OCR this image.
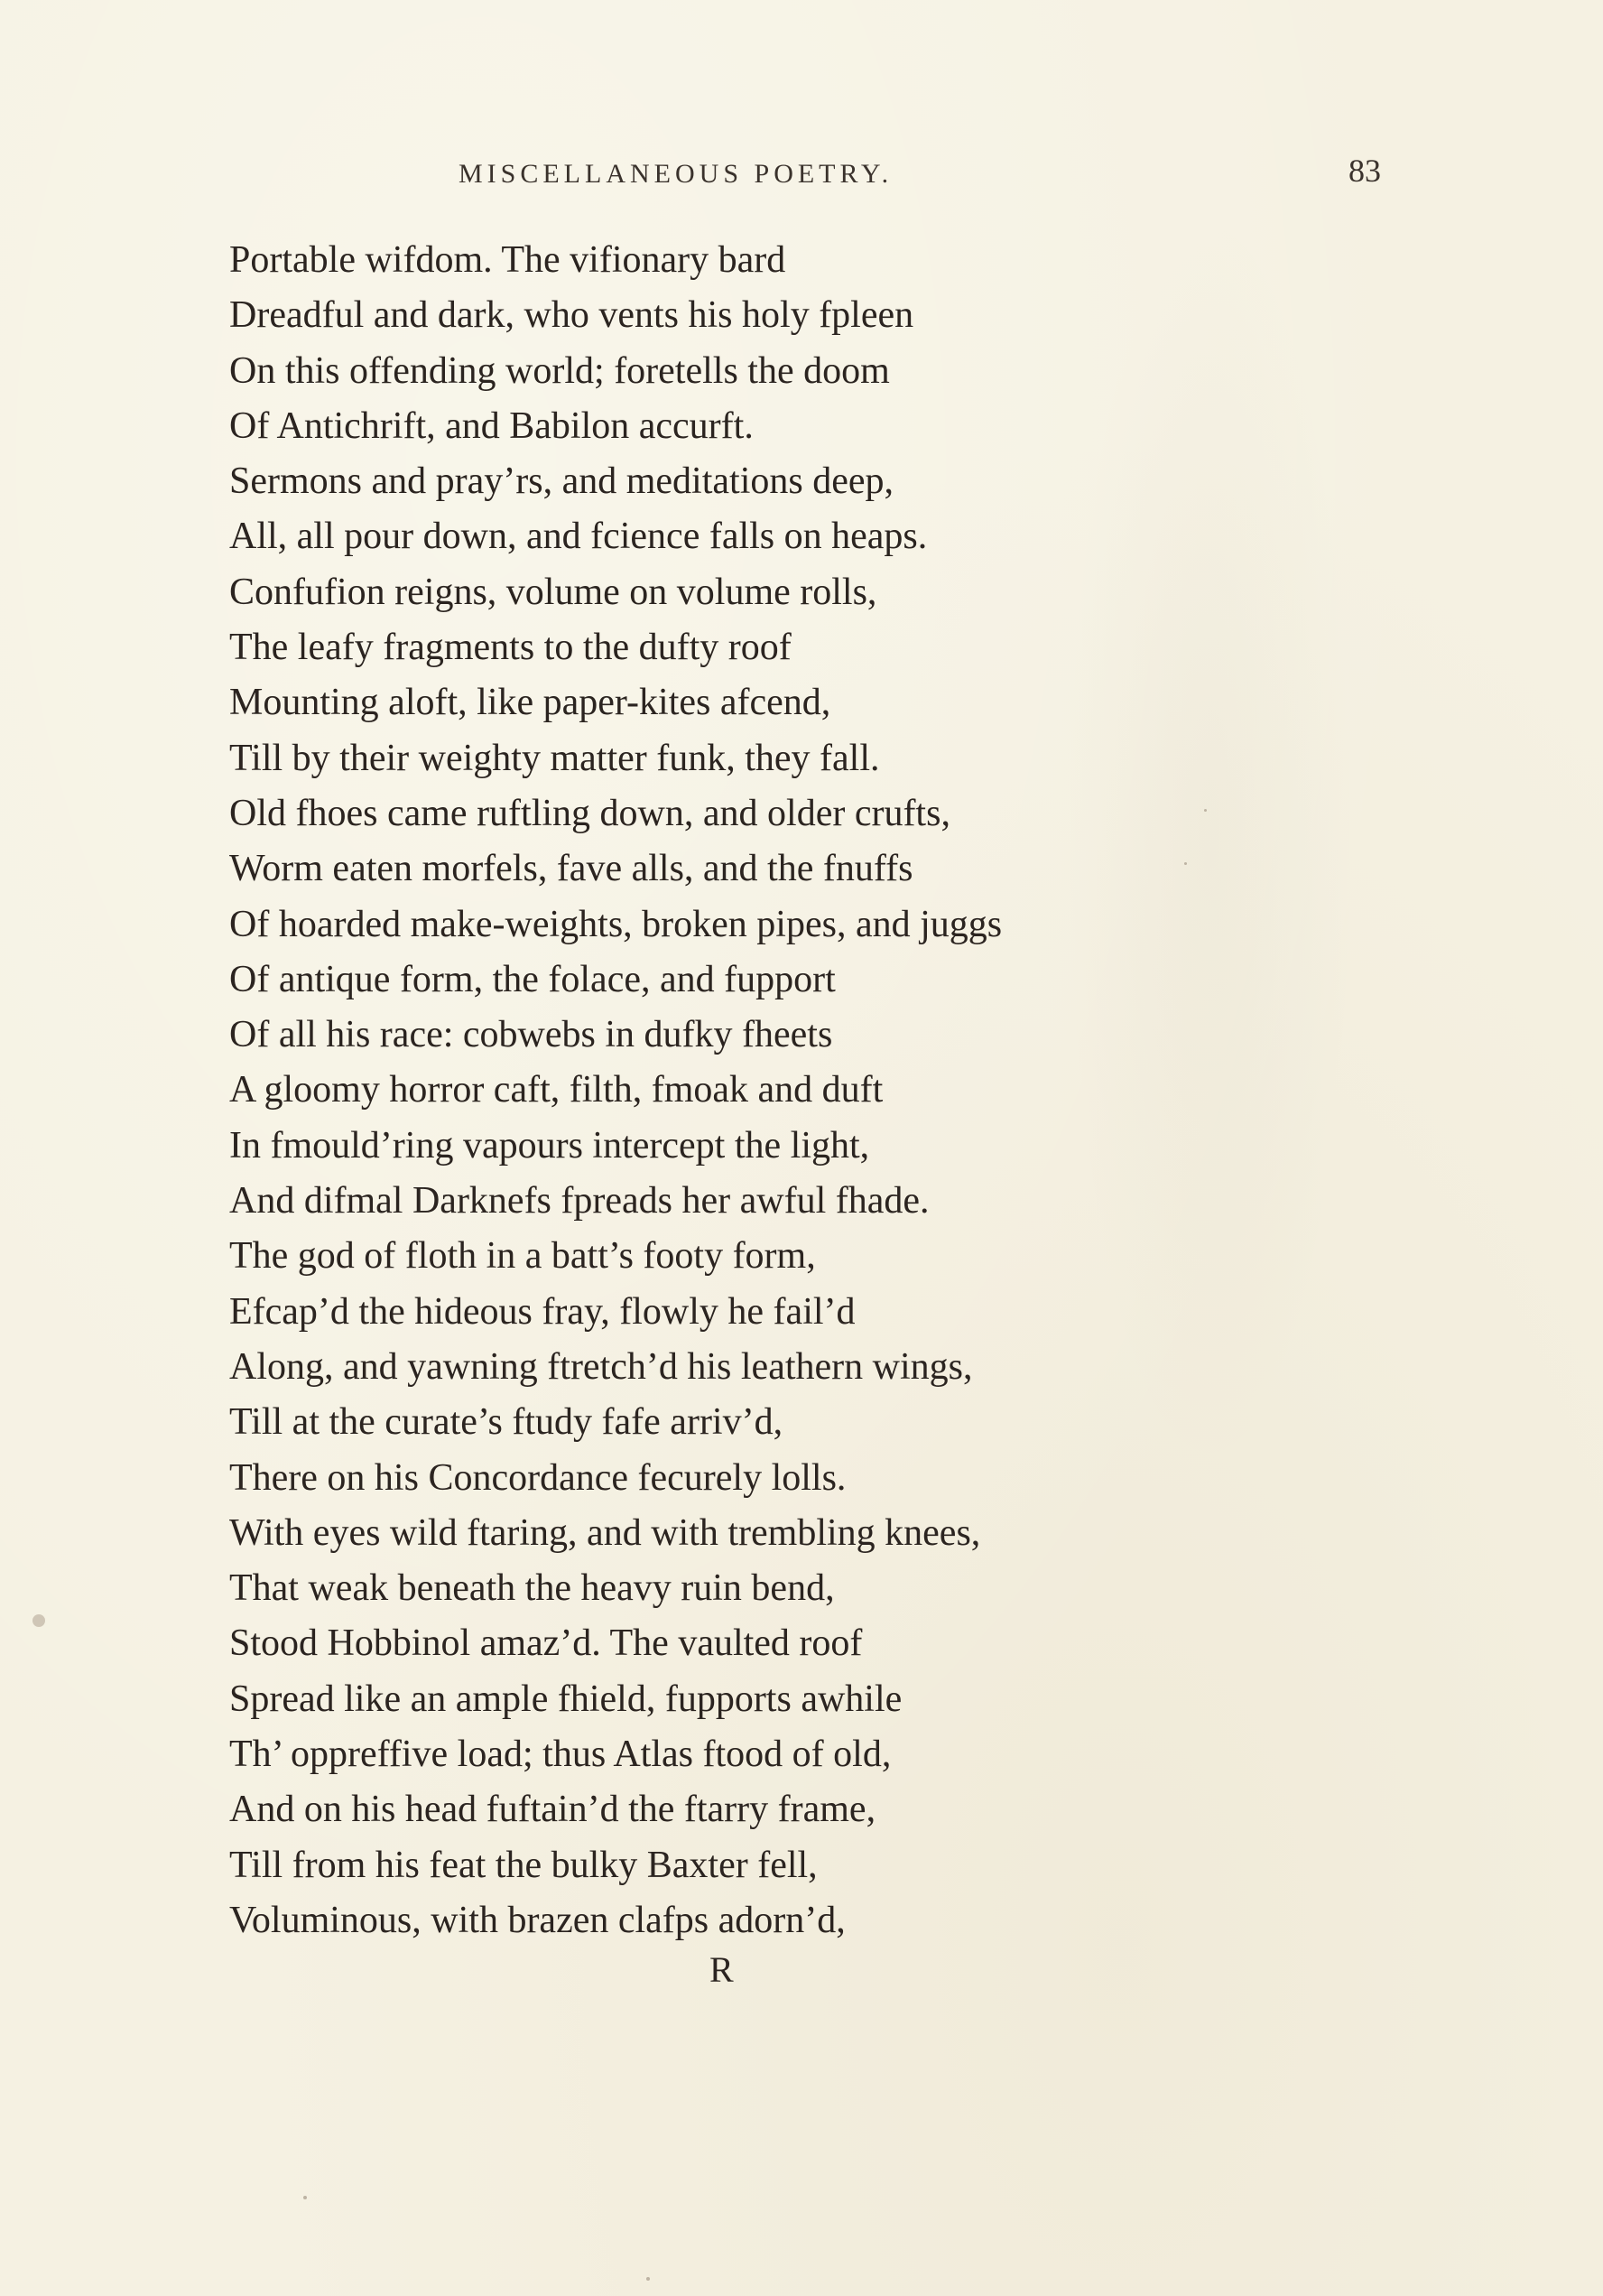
MISCELLANEOUS POETRY.	83
Portable wifdom. The vifionary bard
Dreadful and dark, who vents his holy fpleen
On this offending world; foretells the doom
Of Antichrift, and Babilon accurft.
Sermons and pray’rs, and meditations deep,
All, all pour down, and fcience falls on heaps.
Confufion reigns, volume on volume rolls,
The leafy fragments to the dufty roof
Mounting aloft, like paper-kites afcend,
Till by their weighty matter funk, they fall.
Old fhoes came ruftling down, and older crufts,
Worm eaten morfels, fave alls, and the fnuffs
Of hoarded make-weights, broken pipes, and juggs
Of antique form, the folace, and fupport
Of all his race: cobwebs in dufky fheets
A gloomy horror caft, filth, fmoak and duft
In fmould’ring vapours intercept the light,
And difmal Darknefs fpreads her awful fhade.
The god of floth in a batt’s footy form,
Efcap’d the hideous fray, flowly he fail’d
Along, and yawning ftretch’d his leathern wings,
Till at the curate’s ftudy fafe arriv’d,
There on his Concordance fecurely lolls.
With eyes wild ftaring, and with trembling knees,
That weak beneath the heavy ruin bend,
Stood Hobbinol amaz’d. The vaulted roof
Spread like an ample fhield, fupports awhile
Th’ oppreffive load; thus Atlas ftood of old,
And on his head fuftain’d the ftarry frame,
Till from his feat the bulky Baxter fell,
Voluminous, with brazen clafps adorn’d,
R
